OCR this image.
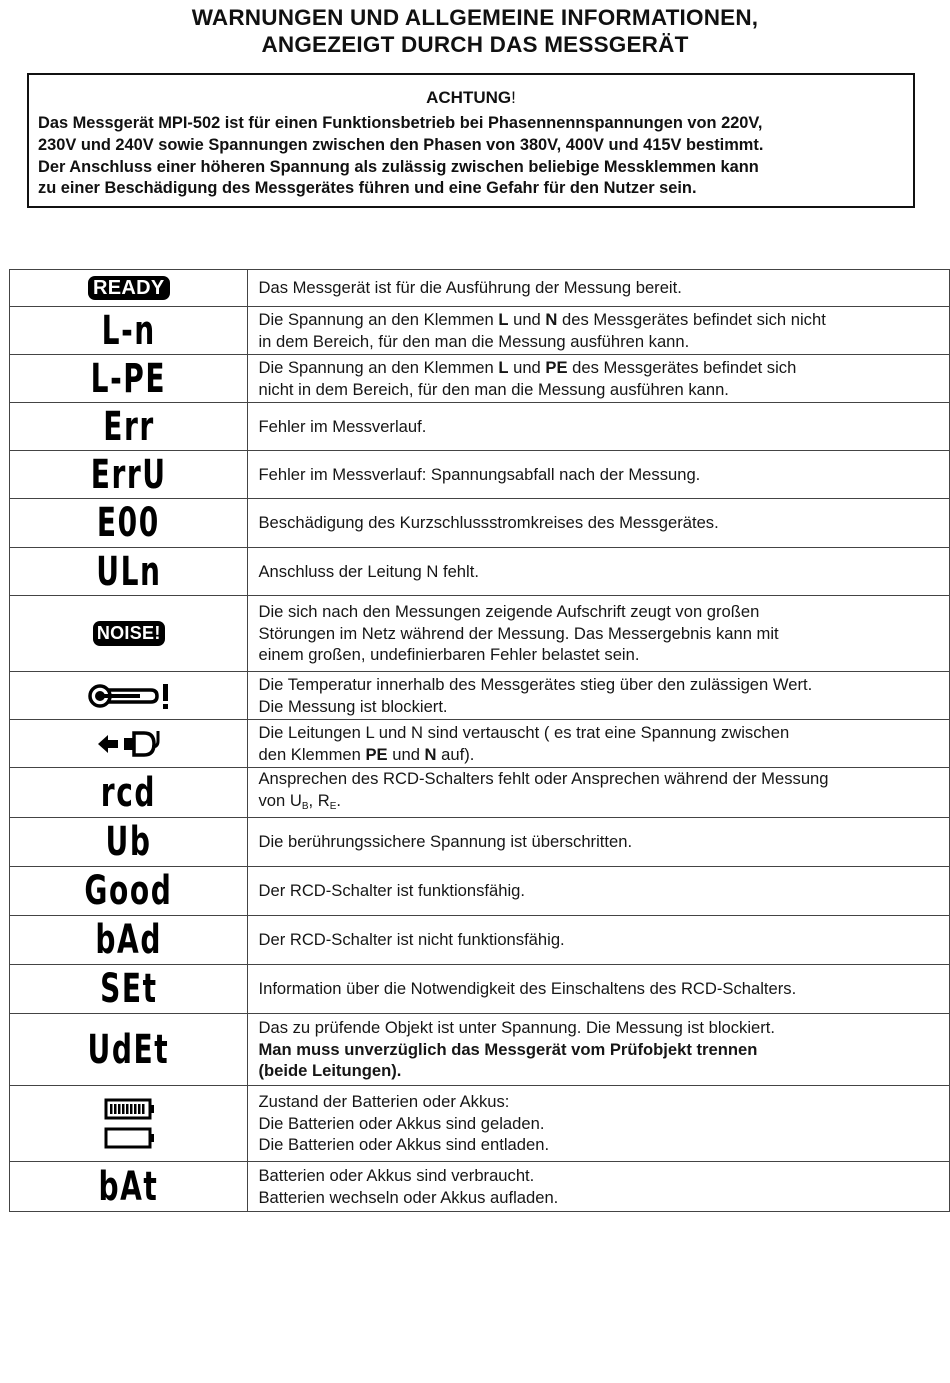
WARNUNGEN UND ALLGEMEINE INFORMATIONEN,
ANGEZEIGT DURCH DAS MESSGERÄT
ACHTUNG!
Das Messgerät MPI-502 ist für einen Funktionsbetrieb bei Phasennennspannungen von 220V,
230V und 240V sowie Spannungen zwischen den Phasen von 380V, 400V und 415V bestimmt.
Der Anschluss einer höheren Spannung als zulässig zwischen beliebige Messklemmen kann
zu einer Beschädigung des Messgerätes führen und eine Gefahr für den Nutzer sein.
READY	Das Messgerät ist für die Ausführung der Messung bereit.

L-n	Die Spannung an den Klemmen L und N des Messgerätes befindet sich nicht
in dem Bereich, für den man die Messung ausführen kann.

L-PE	Die Spannung an den Klemmen L und PE des Messgerätes befindet sich
nicht in dem Bereich, für den man die Messung ausführen kann.

Err	Fehler im Messverlauf.

ErrU	Fehler im Messverlauf: Spannungsabfall nach der Messung.

E00	Beschädigung des Kurzschlussstromkreises des Messgerätes.

ULn	Anschluss der Leitung N fehlt.

NOISE!	Die sich nach den Messungen zeigende Aufschrift zeugt von großen
Störungen im Netz während der Messung. Das Messergebnis kann mit
einem großen, undefinierbaren Fehler belastet sein.

Die Temperatur innerhalb des Messgerätes stieg über den zulässigen Wert.
Die Messung ist blockiert.

Die Leitungen L und N sind vertauscht ( es trat eine Spannung zwischen
den Klemmen PE und N auf).

rcd	Ansprechen des RCD-Schalters fehlt oder Ansprechen während der Messung
von $U_B$, $R_E$.

Ub	Die berührungssichere Spannung ist überschritten.

Good	Der RCD-Schalter ist funktionsfähig.

bAd	Der RCD-Schalter ist nicht funktionsfähig.

SEt	Information über die Notwendigkeit des Einschaltens des RCD-Schalters.

UdEt	Das zu prüfende Objekt ist unter Spannung. Die Messung ist blockiert.
Man muss unverzüglich das Messgerät vom Prüfobjekt trennen
(beide Leitungen).

Zustand der Batterien oder Akkus:
Die Batterien oder Akkus sind geladen.
Die Batterien oder Akkus sind entladen.

bAt	Batterien oder Akkus sind verbraucht.
Batterien wechseln oder Akkus aufladen.
